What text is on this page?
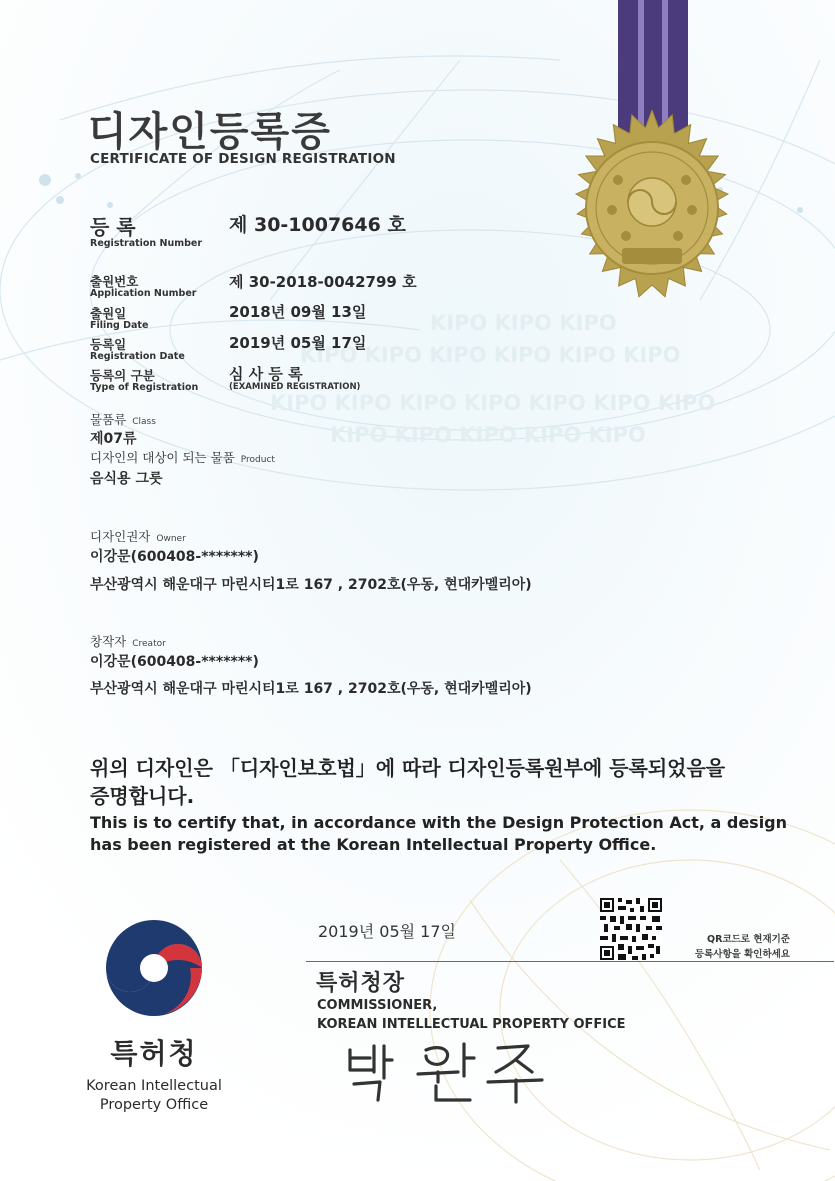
KIPO KIPO KIPO
KIPO KIPO KIPO KIPO KIPO KIPO
KIPO KIPO KIPO KIPO KIPO KIPO KIPO
KIPO KIPO KIPO KIPO KIPO
디자인등록증
CERTIFICATE OF DESIGN REGISTRATION
등 록
Registration Number
제 30-1007646 호
출원번호
Application Number
제 30-2018-0042799 호
출원일
Filing Date
2018년 09월 13일
등록일
Registration Date
2019년 05월 17일
등록의 구분
Type of Registration
심 사 등 록
(EXAMINED REGISTRATION)
물품류 Class
제07류
디자인의 대상이 되는 물품 Product
음식용 그릇
디자인권자 Owner
이강문(600408-*******)
부산광역시 해운대구 마린시티1로 167 , 2702호(우동, 현대카멜리아)
창작자 Creator
이강문(600408-*******)
부산광역시 해운대구 마린시티1로 167 , 2702호(우동, 현대카멜리아)
위의 디자인은 「디자인보호법」에 따라 디자인등록원부에 등록되었음을
증명합니다.
This is to certify that, in accordance with the Design Protection Act, a design
has been registered at the Korean Intellectual Property Office.
2019년 05월 17일	QR코드로 현재기준
등록사항을 확인하세요
특허청장
COMMISSIONER,
KOREAN INTELLECTUAL PROPERTY OFFICE
특허청
Korean Intellectual
Property Office
